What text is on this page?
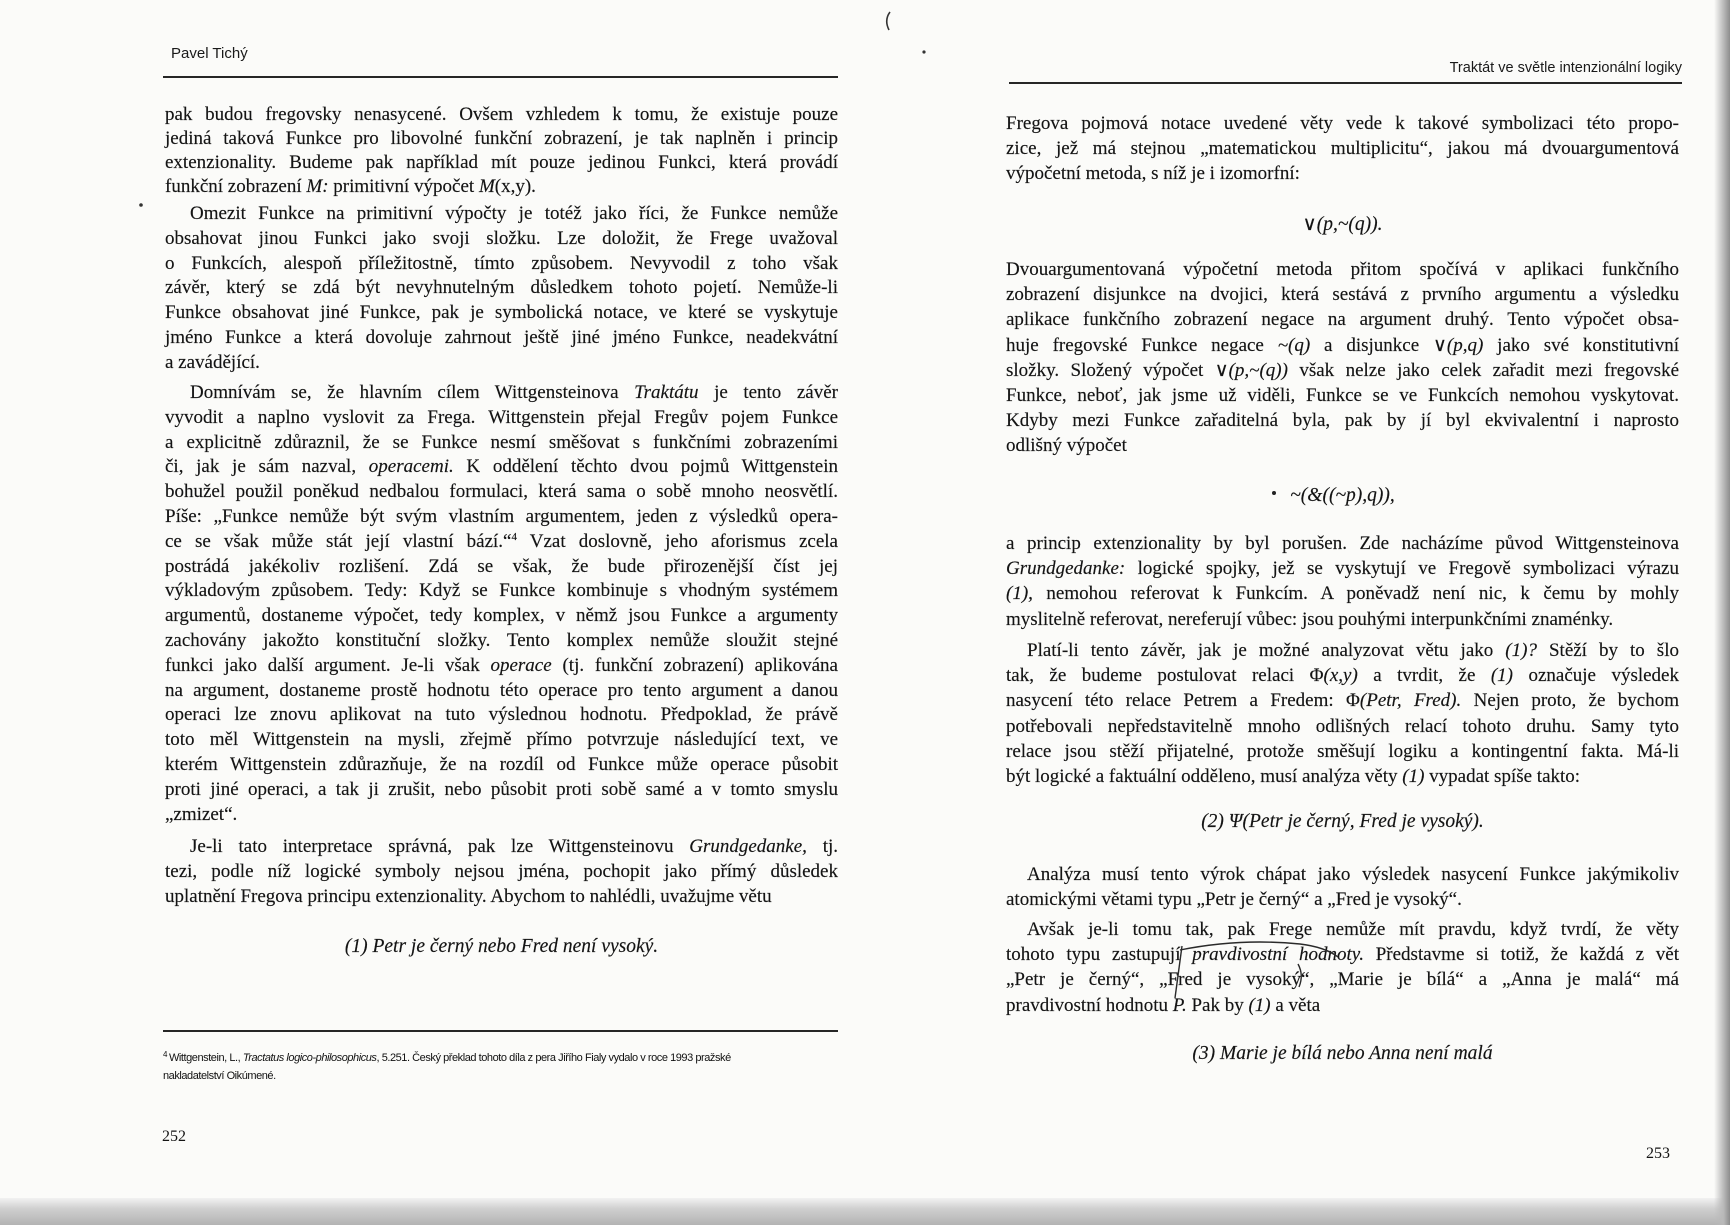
Pavel Tichý
pak budou fregovsky nenasycené. Ovšem vzhledem k tomu, že existuje pouze
jediná taková Funkce pro libovolné funkční zobrazení, je tak naplněn i princip
extenzionality. Budeme pak například mít pouze jedinou Funkci, která provádí
funkční zobrazení M: primitivní výpočet M(x,y).
Omezit Funkce na primitivní výpočty je totéž jako říci, že Funkce nemůže
obsahovat jinou Funkci jako svoji složku. Lze doložit, že Frege uvažoval
o Funkcích, alespoň příležitostně, tímto způsobem. Nevyvodil z toho však
závěr, který se zdá být nevyhnutelným důsledkem tohoto pojetí. Nemůže-li
Funkce obsahovat jiné Funkce, pak je symbolická notace, ve které se vyskytuje
jméno Funkce a která dovoluje zahrnout ještě jiné jméno Funkce, neadekvátní
a zavádějící.
Domnívám se, že hlavním cílem Wittgensteinova Traktátu je tento závěr
vyvodit a naplno vyslovit za Frega. Wittgenstein přejal Fregův pojem Funkce
a explicitně zdůraznil, že se Funkce nesmí směšovat s funkčními zobrazeními
či, jak je sám nazval, operacemi. K oddělení těchto dvou pojmů Wittgenstein
bohužel použil poněkud nedbalou formulaci, která sama o sobě mnoho neosvětlí.
Píše: „Funkce nemůže být svým vlastním argumentem, jeden z výsledků opera-
ce se však může stát její vlastní bází.“$^4$ Vzat doslovně, jeho aforismus zcela
postrádá jakékoliv rozlišení. Zdá se však, že bude přirozenější číst jej
výkladovým způsobem. Tedy: Když se Funkce kombinuje s vhodným systémem
argumentů, dostaneme výpočet, tedy komplex, v němž jsou Funkce a argumenty
zachovány jakožto konstituční složky. Tento komplex nemůže sloužit stejné
funkci jako další argument. Je-li však operace (tj. funkční zobrazení) aplikována
na argument, dostaneme prostě hodnotu této operace pro tento argument a danou
operaci lze znovu aplikovat na tuto výslednou hodnotu. Předpoklad, že právě
toto měl Wittgenstein na mysli, zřejmě přímo potvrzuje následující text, ve
kterém Wittgenstein zdůrazňuje, že na rozdíl od Funkce může operace působit
proti jiné operaci, a tak ji zrušit, nebo působit proti sobě samé a v tomto smyslu
„zmizet“.
Je-li tato interpretace správná, pak lze Wittgensteinovu Grundgedanke, tj.
tezi, podle níž logické symboly nejsou jména, pochopit jako přímý důsledek
uplatnění Fregova principu extenzionality. Abychom to nahlédli, uvažujme větu
(1) Petr je černý nebo Fred není vysoký.
$^4$ Wittgenstein, L., Tractatus logico-philosophicus, 5.251. Český překlad tohoto díla z pera Jiřího Fialy vydalo v roce 1993 pražské
nakladatelství Oikúmené.
252
Traktát ve světle intenzionální logiky
Fregova pojmová notace uvedené věty vede k takové symbolizaci této propo-
zice, jež má stejnou „matematickou multiplicitu“, jakou má dvouargumentová
výpočetní metoda, s níž je i izomorfní:
∨(p,~(q)).
Dvouargumentovaná výpočetní metoda přitom spočívá v aplikaci funkčního
zobrazení disjunkce na dvojici, která sestává z prvního argumentu a výsledku
aplikace funkčního zobrazení negace na argument druhý. Tento výpočet obsa-
huje fregovské Funkce negace ~(q) a disjunkce ∨(p,q) jako své konstitutivní
složky. Složený výpočet ∨(p,~(q)) však nelze jako celek zařadit mezi fregovské
Funkce, neboť, jak jsme už viděli, Funkce se ve Funkcích nemohou vyskytovat.
Kdyby mezi Funkce zařaditelná byla, pak by jí byl ekvivalentní i naprosto
odlišný výpočet
~(&((~p),q)),
a princip extenzionality by byl porušen. Zde nacházíme původ Wittgensteinova
Grundgedanke: logické spojky, jež se vyskytují ve Fregově symbolizaci výrazu
(1), nemohou referovat k Funkcím. A poněvadž není nic, k čemu by mohly
myslitelně referovat, nereferují vůbec: jsou pouhými interpunkčními znaménky.
Platí-li tento závěr, jak je možné analyzovat větu jako (1)? Stěží by to šlo
tak, že budeme postulovat relaci Φ(x,y) a tvrdit, že (1) označuje výsledek
nasycení této relace Petrem a Fredem: Φ(Petr, Fred). Nejen proto, že bychom
potřebovali nepředstavitelně mnoho odlišných relací tohoto druhu. Samy tyto
relace jsou stěží přijatelné, protože směšují logiku a kontingentní fakta. Má-li
být logické a faktuální odděleno, musí analýza věty (1) vypadat spíše takto:
(2) Ψ(Petr je černý, Fred je vysoký).
Analýza musí tento výrok chápat jako výsledek nasycení Funkce jakýmikoliv
atomickými větami typu „Petr je černý“ a „Fred je vysoký“.
Avšak je-li tomu tak, pak Frege nemůže mít pravdu, když tvrdí, že věty
tohoto typu zastupují pravdivostní hodnoty. Představme si totiž, že každá z vět
„Petr je černý“, „Fred je vysoký“, „Marie je bílá“ a „Anna je malá“ má
pravdivostní hodnotu P. Pak by (1) a věta
(3) Marie je bílá nebo Anna není malá
253
